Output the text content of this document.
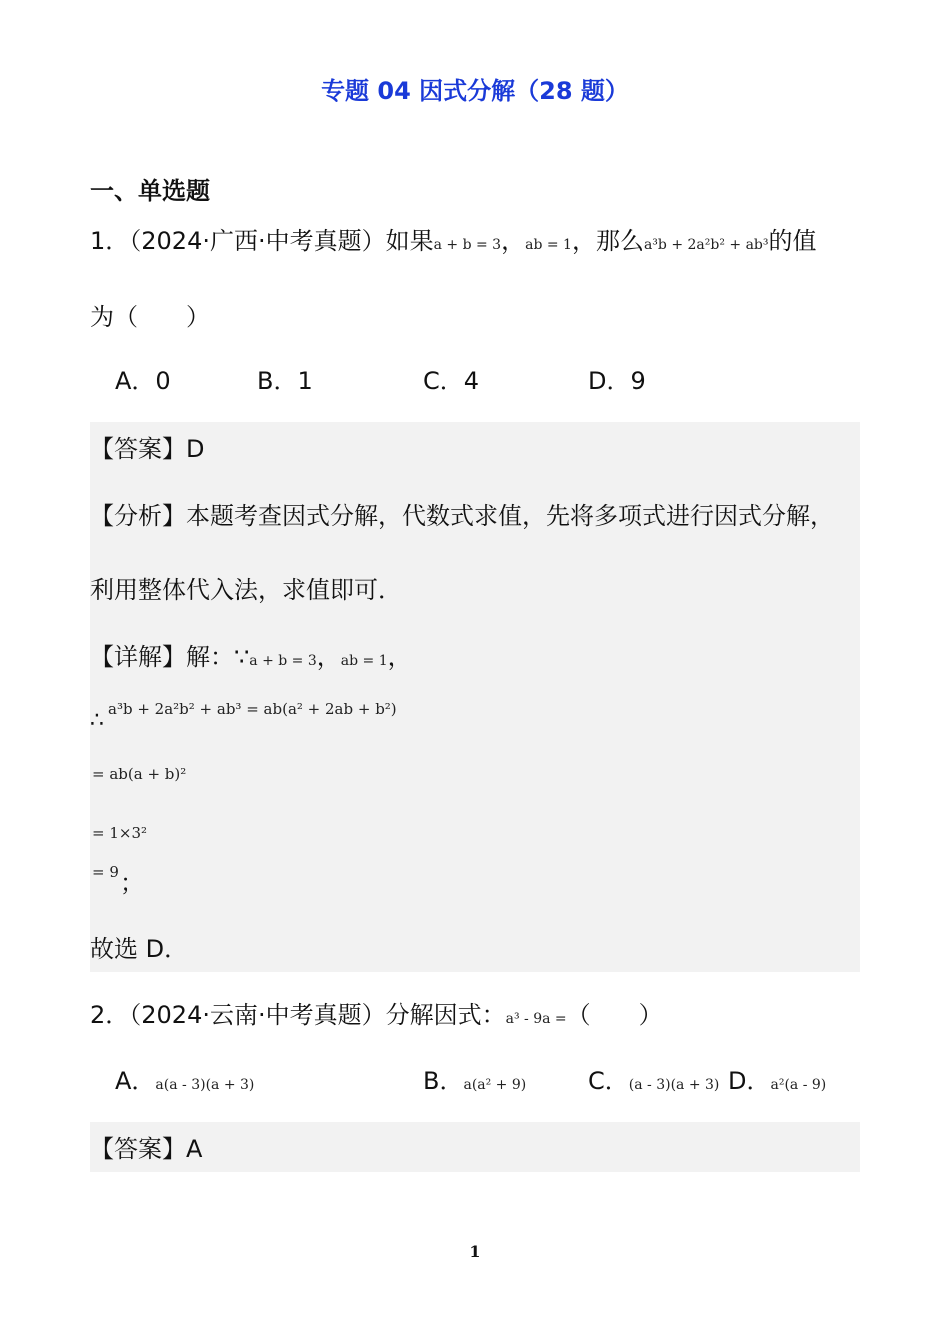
专题 04 因式分解（28 题）
一、单选题
1．（2024·广西·中考真题）如果a + b = 3，ab = 1，那么a³b + 2a²b² + ab³的值
为（　　）
A．0	B．1	C．4	D．9
【答案】D
【分析】本题考查因式分解，代数式求值，先将多项式进行因式分解，
利用整体代入法，求值即可．
【详解】解：∵a + b = 3，ab = 1，
∴ a³b + 2a²b² + ab³ = ab(a² + 2ab + b²)
= ab(a + b)²
= 1×3²
= 9 ；
故选 D．
2．（2024·云南·中考真题）分解因式：a³ - 9a =（　　）
A．a(a - 3)(a + 3)	B．a(a² + 9)	C．(a - 3)(a + 3) D．a²(a - 9)
【答案】A
1
